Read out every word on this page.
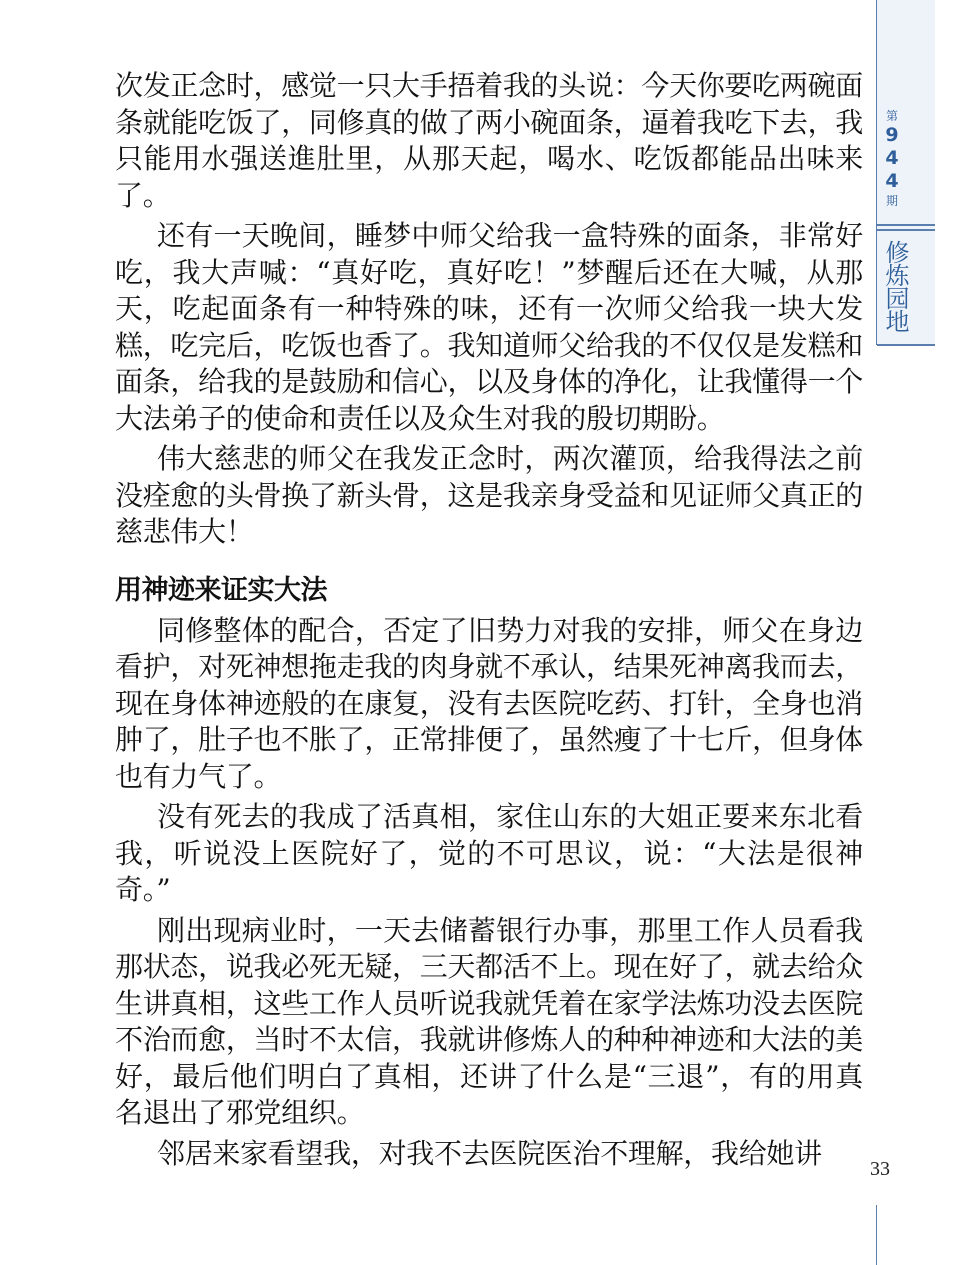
第
9
4
4
期
修炼园地

次发正念时，感觉一只大手捂着我的头说：今天你要吃两碗面条就能吃饭了，同修真的做了两小碗面条，逼着我吃下去，我只能用水强送進肚里，从那天起，喝水、吃饭都能品出味来了。

还有一天晚间，睡梦中师父给我一盒特殊的面条，非常好吃，我大声喊：“真好吃，真好吃！”梦醒后还在大喊，从那天，吃起面条有一种特殊的味，还有一次师父给我一块大发糕，吃完后，吃饭也香了。我知道师父给我的不仅仅是发糕和面条，给我的是鼓励和信心，以及身体的净化，让我懂得一个大法弟子的使命和责任以及众生对我的殷切期盼。

伟大慈悲的师父在我发正念时，两次灌顶，给我得法之前没痊愈的头骨换了新头骨，这是我亲身受益和见证师父真正的慈悲伟大！

用神迹来证实大法

同修整体的配合，否定了旧势力对我的安排，师父在身边看护，对死神想拖走我的肉身就不承认，结果死神离我而去，现在身体神迹般的在康复，没有去医院吃药、打针，全身也消肿了，肚子也不胀了，正常排便了，虽然瘦了十七斤，但身体也有力气了。

没有死去的我成了活真相，家住山东的大姐正要来东北看我，听说没上医院好了，觉的不可思议，说：“大法是很神奇。”

刚出现病业时，一天去储蓄银行办事，那里工作人员看我那状态，说我必死无疑，三天都活不上。现在好了，就去给众生讲真相，这些工作人员听说我就凭着在家学法炼功没去医院不治而愈，当时不太信，我就讲修炼人的种种神迹和大法的美好，最后他们明白了真相，还讲了什么是“三退”，有的用真名退出了邪党组织。

邻居来家看望我，对我不去医院医治不理解，我给她讲	33
